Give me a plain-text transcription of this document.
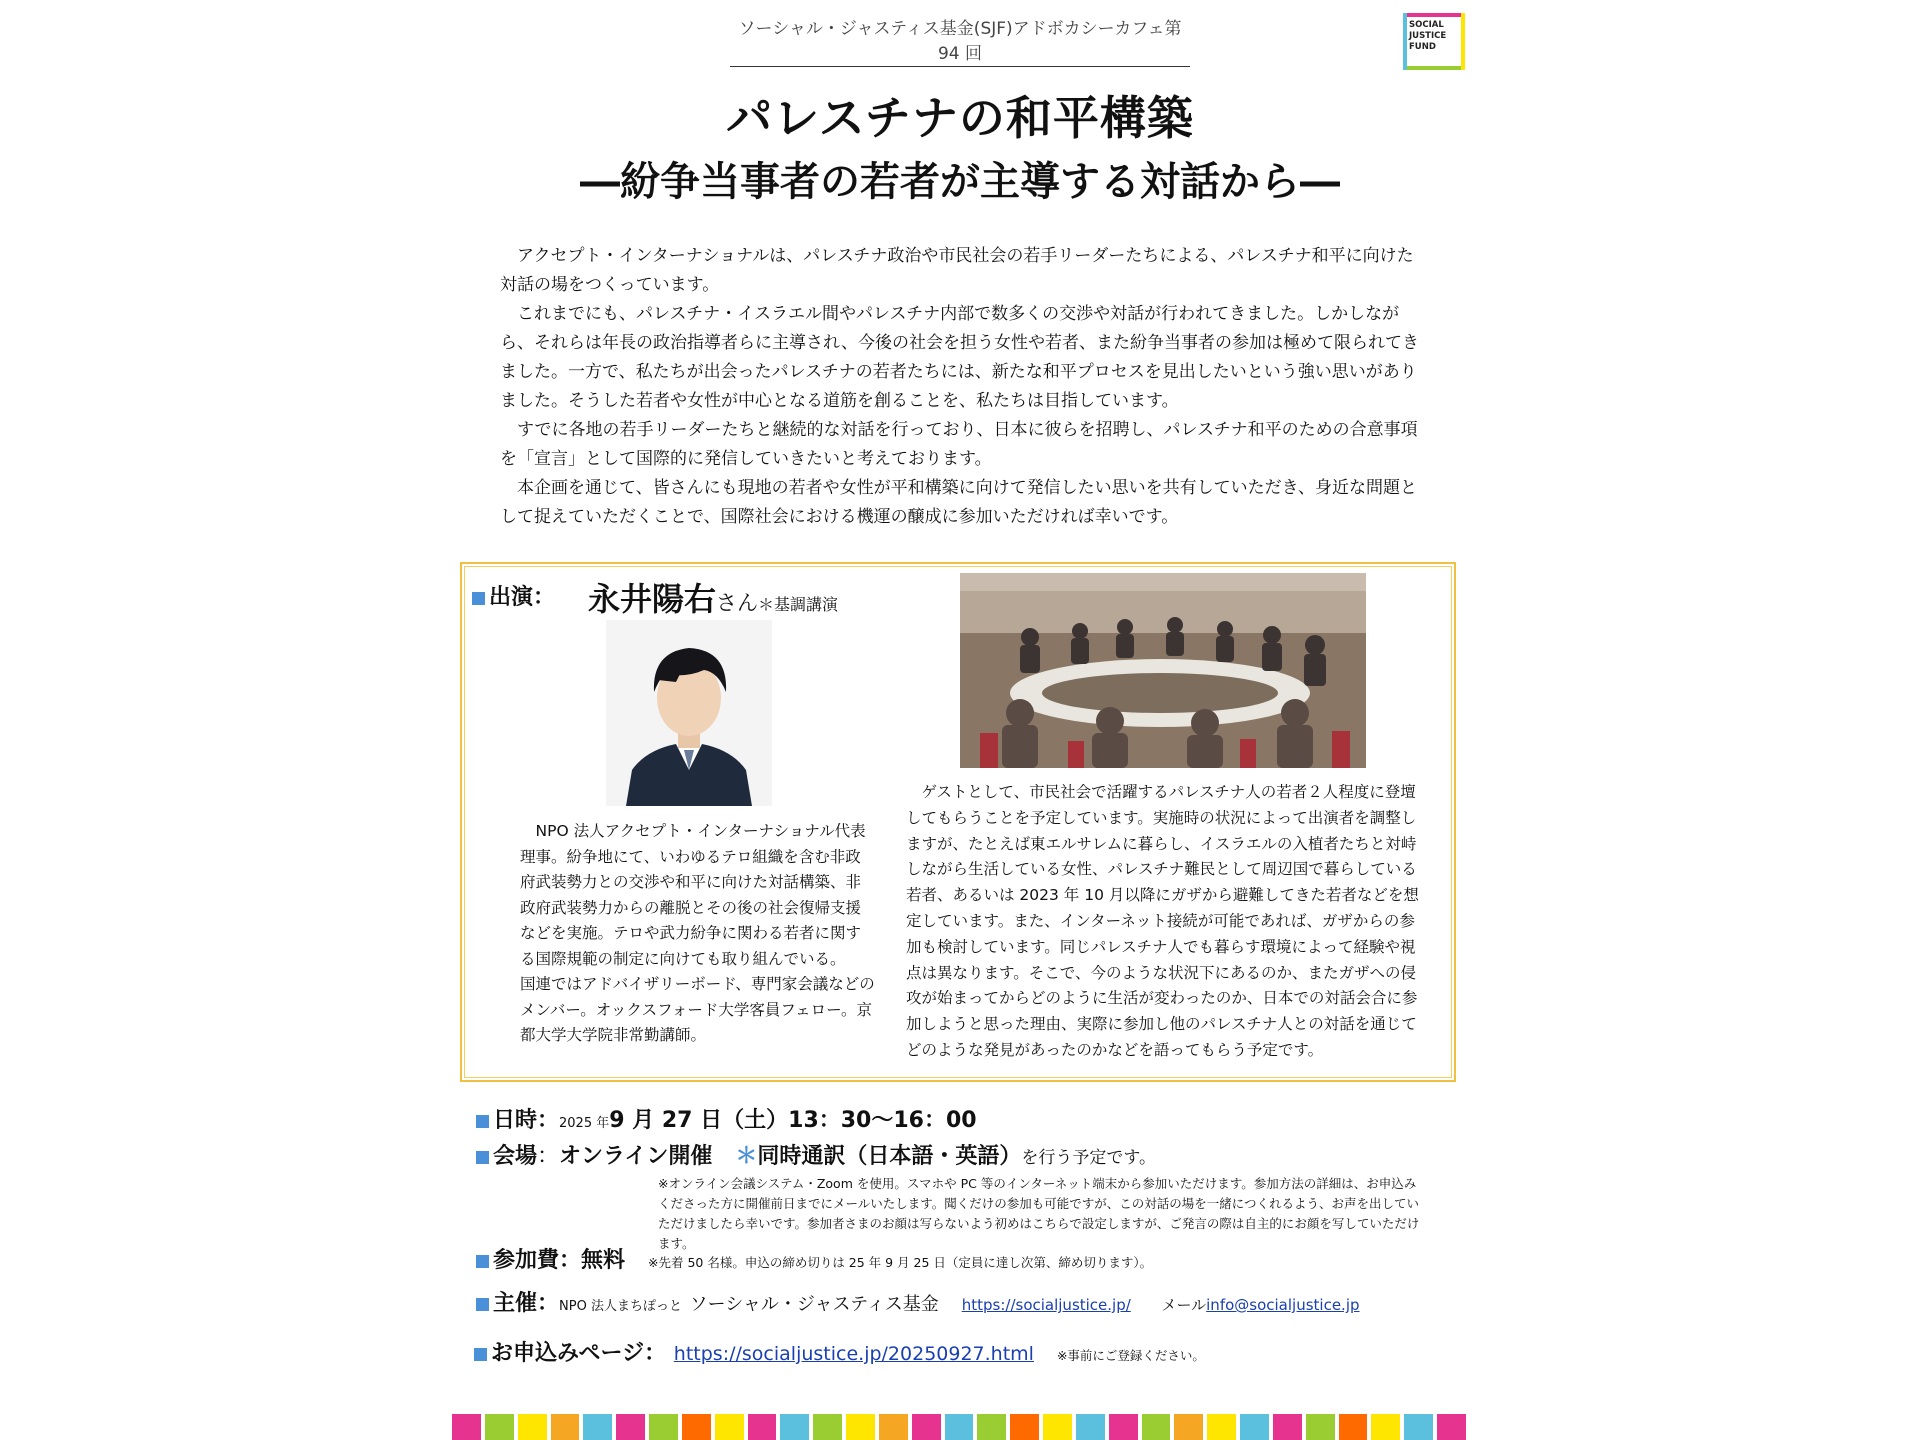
ソーシャル・ジャスティス基金(SJF)アドボカシーカフェ第 94 回
SOCIAL
JUSTICE
FUND
パレスチナの和平構築
―紛争当事者の若者が主導する対話から―

アクセプト・インターナショナルは、パレスチナ政治や市民社会の若手リーダーたちによる、パレスチナ和平に向けた対話の場をつくっています。

これまでにも、パレスチナ・イスラエル間やパレスチナ内部で数多くの交渉や対話が行われてきました。しかしながら、それらは年長の政治指導者らに主導され、今後の社会を担う女性や若者、また紛争当事者の参加は極めて限られてきました。一方で、私たちが出会ったパレスチナの若者たちには、新たな和平プロセスを見出したいという強い思いがありました。そうした若者や女性が中心となる道筋を創ることを、私たちは目指しています。

すでに各地の若手リーダーたちと継続的な対話を行っており、日本に彼らを招聘し、パレスチナ和平のための合意事項を「宣言」として国際的に発信していきたいと考えております。

本企画を通じて、皆さんにも現地の若者や女性が平和構築に向けて発信したい思いを共有していただき、身近な問題として捉えていただくことで、国際社会における機運の醸成に参加いただければ幸いです。

出演： 永井陽右さん＊基調講演

　NPO 法人アクセプト・インターナショナル代表理事。紛争地にて、いわゆるテロ組織を含む非政府武装勢力との交渉や和平に向けた対話構築、非政府武装勢力からの離脱とその後の社会復帰支援などを実施。テロや武力紛争に関わる若者に関する国際規範の制定に向けても取り組んでいる。

国連ではアドバイザリーボード、専門家会議などのメンバー。オックスフォード大学客員フェロー。京都大学大学院非常勤講師。

ゲストとして、市民社会で活躍するパレスチナ人の若者２人程度に登壇してもらうことを予定しています。実施時の状況によって出演者を調整しますが、たとえば東エルサレムに暮らし、イスラエルの入植者たちと対峙しながら生活している女性、パレスチナ難民として周辺国で暮らしている若者、あるいは 2023 年 10 月以降にガザから避難してきた若者などを想定しています。また、インターネット接続が可能であれば、ガザからの参加も検討しています。同じパレスチナ人でも暮らす環境によって経験や視点は異なります。そこで、今のような状況下にあるのか、またガザへの侵攻が始まってからどのように生活が変わったのか、日本での対話会合に参加しようと思った理由、実際に参加し他のパレスチナ人との対話を通じてどのような発見があったのかなどを語ってもらう予定です。

日時：2025 年9 月 27 日（土）13：30～16：00
会場：オンライン開催 ＊同時通訳（日本語・英語）を行う予定です。
※オンライン会議システム・Zoom を使用。スマホや PC 等のインターネット端末から参加いただけます。参加方法の詳細は、お申込みくださった方に開催前日までにメールいたします。聞くだけの参加も可能ですが、この対話の場を一緒につくれるよう、お声を出していただけましたら幸いです。参加者さまのお顔は写らないよう初めはこちらで設定しますが、ご発言の際は自主的にお顔を写していただけます。
参加費：無料 ※先着 50 名様。申込の締め切りは 25 年 9 月 25 日（定員に達し次第、締め切ります）。
主催：NPO 法人まちぽっと ソーシャル・ジャスティス基金 https://socialjustice.jp/ メールinfo@socialjustice.jp
お申込みページ： https://socialjustice.jp/20250927.html ※事前にご登録ください。
